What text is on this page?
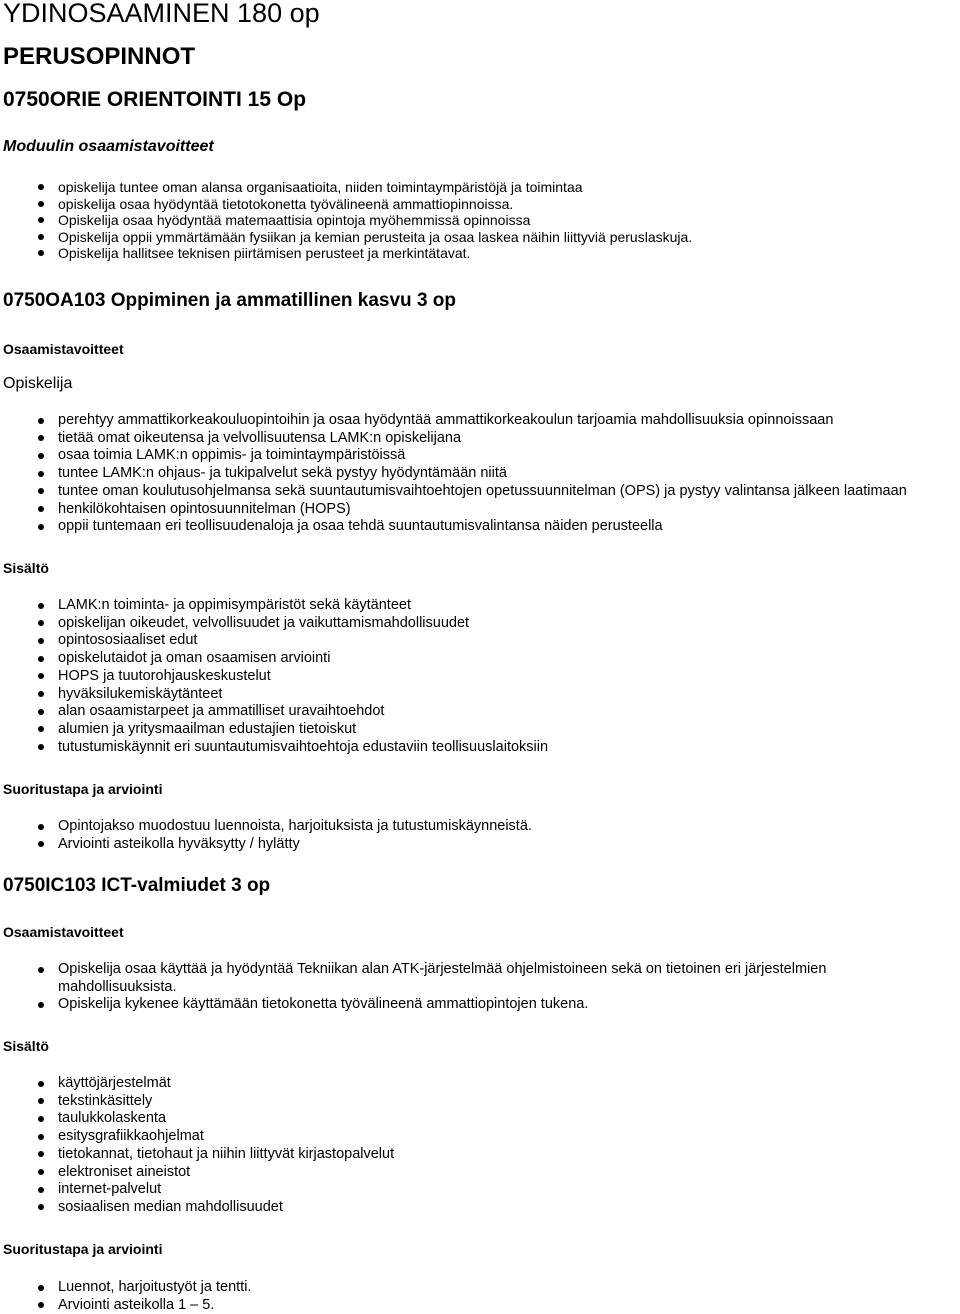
YDINOSAAMINEN 180 op
PERUSOPINNOT
0750ORIE ORIENTOINTI 15 Op
Moduulin osaamistavoitteet
opiskelija tuntee oman alansa organisaatioita, niiden toimintaympäristöjä ja toimintaa
opiskelija osaa hyödyntää tietotokonetta työvälineenä ammattiopinnoissa.
Opiskelija osaa hyödyntää matemaattisia opintoja myöhemmissä opinnoissa
Opiskelija oppii ymmärtämään fysiikan ja kemian perusteita ja osaa laskea näihin liittyviä peruslaskuja.
Opiskelija hallitsee teknisen piirtämisen perusteet ja merkintätavat.
0750OA103 Oppiminen ja ammatillinen kasvu 3 op
Osaamistavoitteet
Opiskelija
perehtyy ammattikorkeakouluopintoihin ja osaa hyödyntää ammattikorkeakoulun tarjoamia mahdollisuuksia opinnoissaan
tietää omat oikeutensa ja velvollisuutensa LAMK:n opiskelijana
osaa toimia LAMK:n oppimis- ja toimintaympäristöissä
tuntee LAMK:n ohjaus- ja tukipalvelut sekä pystyy hyödyntämään niitä
tuntee oman koulutusohjelmansa sekä suuntautumisvaihtoehtojen opetussuunnitelman (OPS) ja pystyy valintansa jälkeen laatimaan
henkilökohtaisen opintosuunnitelman (HOPS)
oppii tuntemaan eri teollisuudenaloja ja osaa tehdä suuntautumisvalintansa näiden perusteella
Sisältö
LAMK:n toiminta- ja oppimisympäristöt sekä käytänteet
opiskelijan oikeudet, velvollisuudet ja vaikuttamismahdollisuudet
opintososiaaliset edut
opiskelutaidot ja oman osaamisen arviointi
HOPS ja tuutorohjauskeskustelut
hyväksilukemiskäytänteet
alan osaamistarpeet ja ammatilliset uravaihtoehdot
alumien ja yritysmaailman edustajien tietoiskut
tutustumiskäynnit eri suuntautumisvaihtoehtoja edustaviin teollisuuslaitoksiin
Suoritustapa ja arviointi
Opintojakso muodostuu luennoista, harjoituksista ja tutustumiskäynneistä.
Arviointi asteikolla hyväksytty / hylätty
0750IC103 ICT-valmiudet 3 op
Osaamistavoitteet
Opiskelija osaa käyttää ja hyödyntää Tekniikan alan ATK-järjestelmää ohjelmistoineen sekä on tietoinen eri järjestelmien mahdollisuuksista.
Opiskelija kykenee käyttämään tietokonetta työvälineenä ammattiopintojen tukena.
Sisältö
käyttöjärjestelmät
tekstinkäsittely
taulukkolaskenta
esitysgrafiikkaohjelmat
tietokannat, tietohaut ja niihin liittyvät kirjastopalvelut
elektroniset aineistot
internet-palvelut
sosiaalisen median mahdollisuudet
Suoritustapa ja arviointi
Luennot, harjoitustyöt ja tentti.
Arviointi asteikolla 1 – 5.
